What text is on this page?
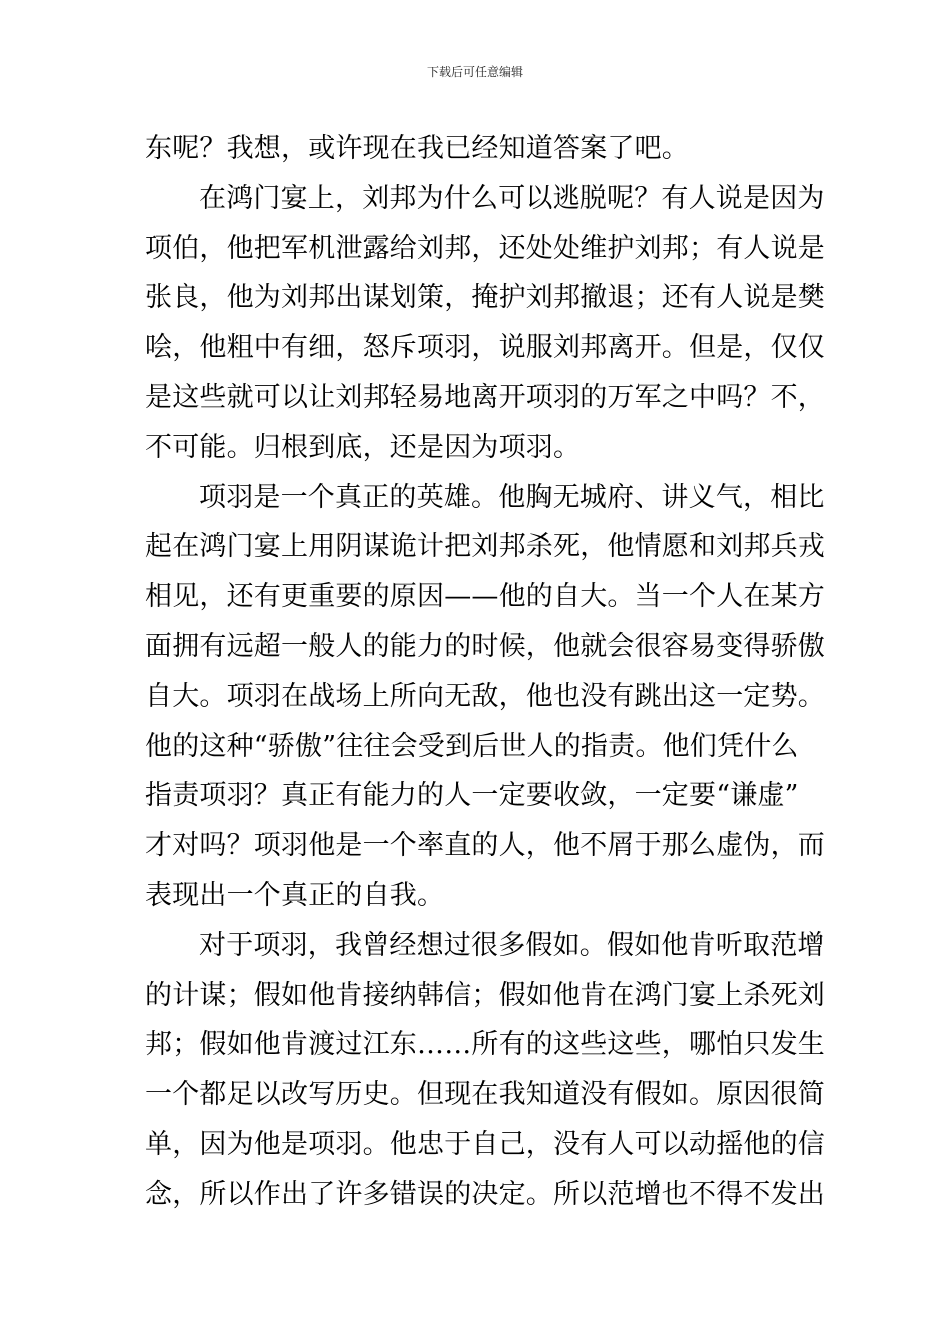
下载后可任意编辑
东呢？我想，或许现在我已经知道答案了吧。
在鸿门宴上，刘邦为什么可以逃脱呢？有人说是因为
项伯，他把军机泄露给刘邦，还处处维护刘邦；有人说是
张良，他为刘邦出谋划策，掩护刘邦撤退；还有人说是樊
哙，他粗中有细，怒斥项羽，说服刘邦离开。但是，仅仅
是这些就可以让刘邦轻易地离开项羽的万军之中吗？不，
不可能。归根到底，还是因为项羽。
项羽是一个真正的英雄。他胸无城府、讲义气，相比
起在鸿门宴上用阴谋诡计把刘邦杀死，他情愿和刘邦兵戎
相见，还有更重要的原因——他的自大。当一个人在某方
面拥有远超一般人的能力的时候，他就会很容易变得骄傲
自大。项羽在战场上所向无敌，他也没有跳出这一定势。
他的这种“骄傲”往往会受到后世人的指责。他们凭什么
指责项羽？真正有能力的人一定要收敛，一定要“谦虚”
才对吗？项羽他是一个率直的人，他不屑于那么虚伪，而
表现出一个真正的自我。
对于项羽，我曾经想过很多假如。假如他肯听取范增
的计谋；假如他肯接纳韩信；假如他肯在鸿门宴上杀死刘
邦；假如他肯渡过江东……所有的这些这些，哪怕只发生
一个都足以改写历史。但现在我知道没有假如。原因很简
单，因为他是项羽。他忠于自己，没有人可以动摇他的信
念，所以作出了许多错误的决定。所以范增也不得不发出
